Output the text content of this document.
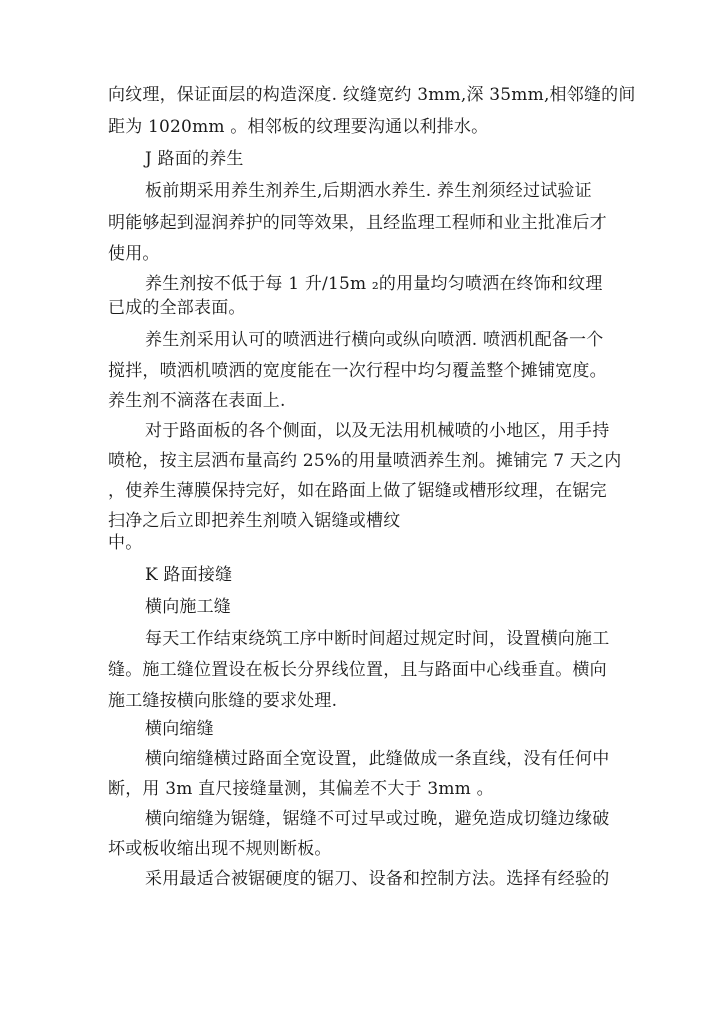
向纹理，保证面层的构造深度. 纹缝宽约 3mm,深 35mm,相邻缝的间
距为 1020mm 。相邻板的纹理要沟通以利排水。
J 路面的养生
板前期采用养生剂养生,后期洒水养生. 养生剂须经过试验证
明能够起到湿润养护的同等效果，且经监理工程师和业主批准后才
使用。
养生剂按不低于每 1 升/15m ₂的用量均匀喷洒在终饰和纹理
已成的全部表面。
养生剂采用认可的喷洒进行横向或纵向喷洒. 喷洒机配备一个
搅拌，喷洒机喷洒的宽度能在一次行程中均匀覆盖整个摊铺宽度。
养生剂不滴落在表面上.
对于路面板的各个侧面，以及无法用机械喷的小地区，用手持
喷枪，按主层洒布量高约 25%的用量喷洒养生剂。摊铺完 7 天之内
，使养生薄膜保持完好，如在路面上做了锯缝或槽形纹理，在锯完
扫净之后立即把养生剂喷入锯缝或槽纹
中。
K 路面接缝
横向施工缝
每天工作结束绕筑工序中断时间超过规定时间，设置横向施工
缝。施工缝位置设在板长分界线位置，且与路面中心线垂直。横向
施工缝按横向胀缝的要求处理.
横向缩缝
横向缩缝横过路面全宽设置，此缝做成一条直线，没有任何中
断，用 3m 直尺接缝量测，其偏差不大于 3mm 。
横向缩缝为锯缝，锯缝不可过早或过晚，避免造成切缝边缘破
坏或板收缩出现不规则断板。
采用最适合被锯硬度的锯刀、设备和控制方法。选择有经验的
